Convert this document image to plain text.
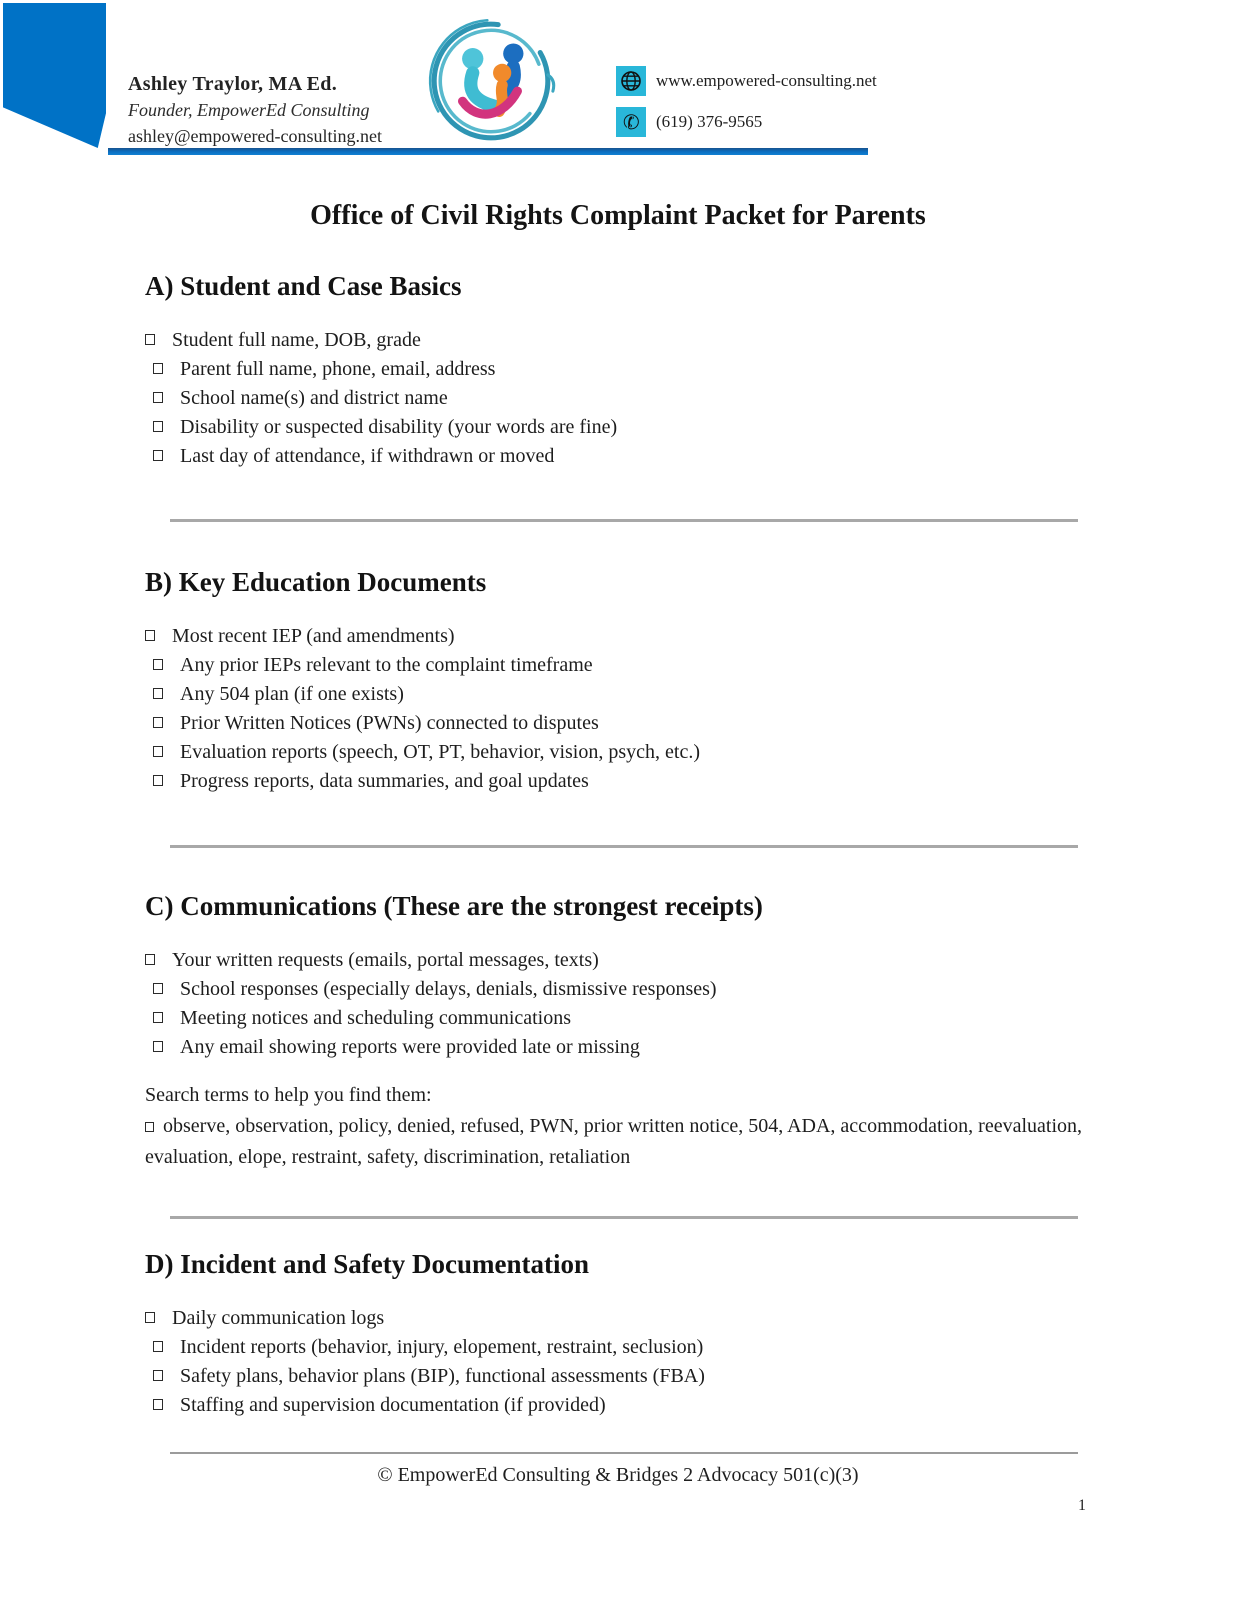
Ashley Traylor, MA Ed.
Founder, EmpowerEd Consulting
ashley@empowered-consulting.net
www.empowered-consulting.net
✆ (619) 376-9565
Office of Civil Rights Complaint Packet for Parents
A) Student and Case Basics
Student full name, DOB, grade
Parent full name, phone, email, address
School name(s) and district name
Disability or suspected disability (your words are fine)
Last day of attendance, if withdrawn or moved
B) Key Education Documents
Most recent IEP (and amendments)
Any prior IEPs relevant to the complaint timeframe
Any 504 plan (if one exists)
Prior Written Notices (PWNs) connected to disputes
Evaluation reports (speech, OT, PT, behavior, vision, psych, etc.)
Progress reports, data summaries, and goal updates
C) Communications (These are the strongest receipts)
Your written requests (emails, portal messages, texts)
School responses (especially delays, denials, dismissive responses)
Meeting notices and scheduling communications
Any email showing reports were provided late or missing

Search terms to help you find them:

observe, observation, policy, denied, refused, PWN, prior written notice, 504, ADA, accommodation, reevaluation, evaluation, elope, restraint, safety, discrimination, retaliation

D) Incident and Safety Documentation
Daily communication logs
Incident reports (behavior, injury, elopement, restraint, seclusion)
Safety plans, behavior plans (BIP), functional assessments (FBA)
Staffing and supervision documentation (if provided)
© EmpowerEd Consulting & Bridges 2 Advocacy 501(c)(3)
1
